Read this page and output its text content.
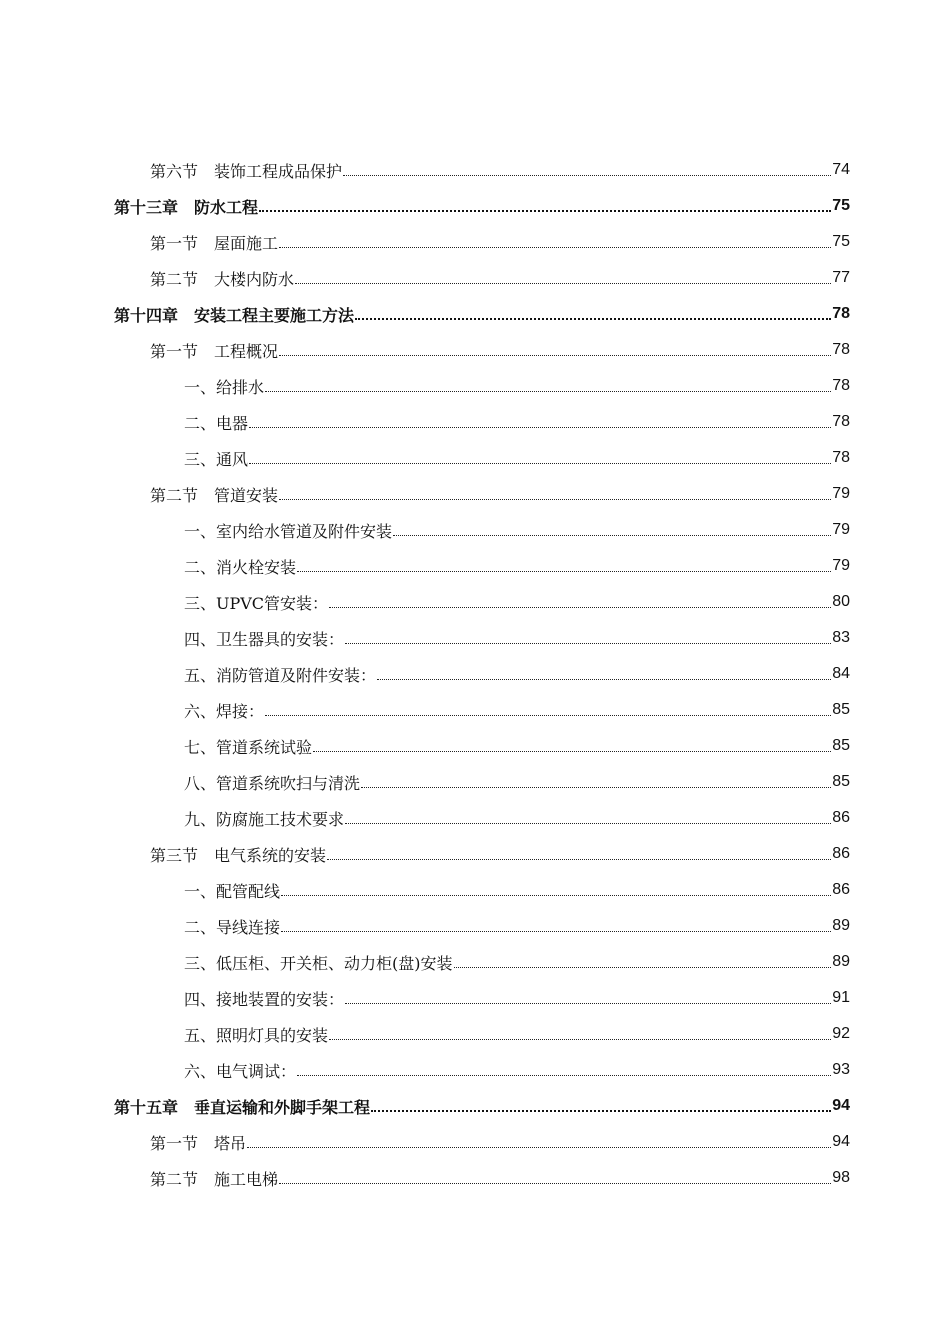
第六节　装饰工程成品保护	74
第十三章　防水工程	75
第一节　屋面施工	75
第二节　大楼内防水	77
第十四章　安装工程主要施工方法	78
第一节　工程概况	78
一、给排水	78
二、电器	78
三、通风	78
第二节　管道安装	79
一、室内给水管道及附件安装	79
二、消火栓安装	79
三、UPVC管安装：	80
四、卫生器具的安装：	83
五、消防管道及附件安装：	84
六、焊接：	85
七、管道系统试验	85
八、管道系统吹扫与清洗	85
九、防腐施工技术要求	86
第三节　电气系统的安装	86
一、配管配线	86
二、导线连接	89
三、低压柜、开关柜、动力柜(盘)安装	89
四、接地装置的安装：	91
五、照明灯具的安装	92
六、电气调试：	93
第十五章　垂直运输和外脚手架工程	94
第一节　塔吊	94
第二节　施工电梯	98
